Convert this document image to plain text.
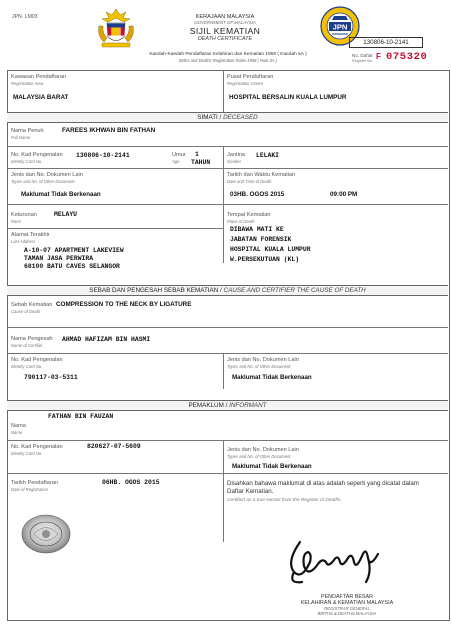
JPN. LM03	KERAJAAN MALAYSIA
GOVERNMENT OF MALAYSIA
SIJIL KEMATIAN
DEATH CERTIFICATE
JPN
130806-10-2141
Kaedah-Kaedah Pendaftaran Kelahiran dan Kematian 1958 ( Kaedah 5A )
Births and Deaths Registration Rules 1958 ( Rule 5A )
No. Daftar
Register No. F 075320
Kawasan Pendaftaran
Registration Area
MALAYSIA BARAT
Pusat Pendaftaran
Registration Centre
HOSPITAL BERSALIN KUALA LUMPUR
SIMATI / DECEASED
Nama Penuh
Full Name
FAREES IKHWAN BIN FATHAN
No. Kad Pengenalan
Identity Card No.
130806-10-2141	Umur
Age
1
TAHUN
Jantina
Gender
LELAKI
Jenis dan No. Dokumen Lain
Types and No. of Other Document
Maklumat Tidak Berkenaan
Tarikh dan Waktu Kematian
Date and Time of Death
03HB. OGOS 2015	09:00 PM
Keturunan
Race
MELAYU	Tempat Kematian
Place of Death
DIBAWA MATI KE
JABATAN FORENSIK
HOSPITAL KUALA LUMPUR
W.PERSEKUTUAN (KL)
Alamat Terakhir
Last Address
A-10-07 APARTMENT LAKEVIEW
TAMAN JASA PERWIRA
68100 BATU CAVES SELANGOR
SEBAB DAN PENGESAH SEBAB KEMATIAN / CAUSE AND CERTIFIER THE CAUSE OF DEATH
Sebab Kematian
Cause of Death
COMPRESSION TO THE NECK BY LIGATURE
Nama Pengesah
Name of Certifier
AHMAD HAFIZAM BIN HASMI
No. Kad Pengenalan
Identity Card No.
790117-03-5311
Jenis dan No. Dokumen Lain
Types and No. of Other Document
Maklumat Tidak Berkenaan
PEMAKLUM / INFORMANT
Nama
Name
FATHAN BIN FAUZAN
No. Kad Pengenalan
Identity Card No.
820627-07-5609	Jenis dan No. Dokumen Lain
Types and No. of Other Document
Maklumat Tidak Berkenaan
Tarikh Pendaftaran
Date of Registration
06HB. OGOS 2015	Disahkan bahawa maklumat di atas adalah seperti yang dicatat dalam
Daftar Kematian.
Certified as a true extract from the Register of Deaths.
PENDAFTAR BESAR
KELAHIRAN & KEMATIAN MALAYSIA
REGISTRAR GENERAL
BIRTHS & DEATHS MALAYSIA
